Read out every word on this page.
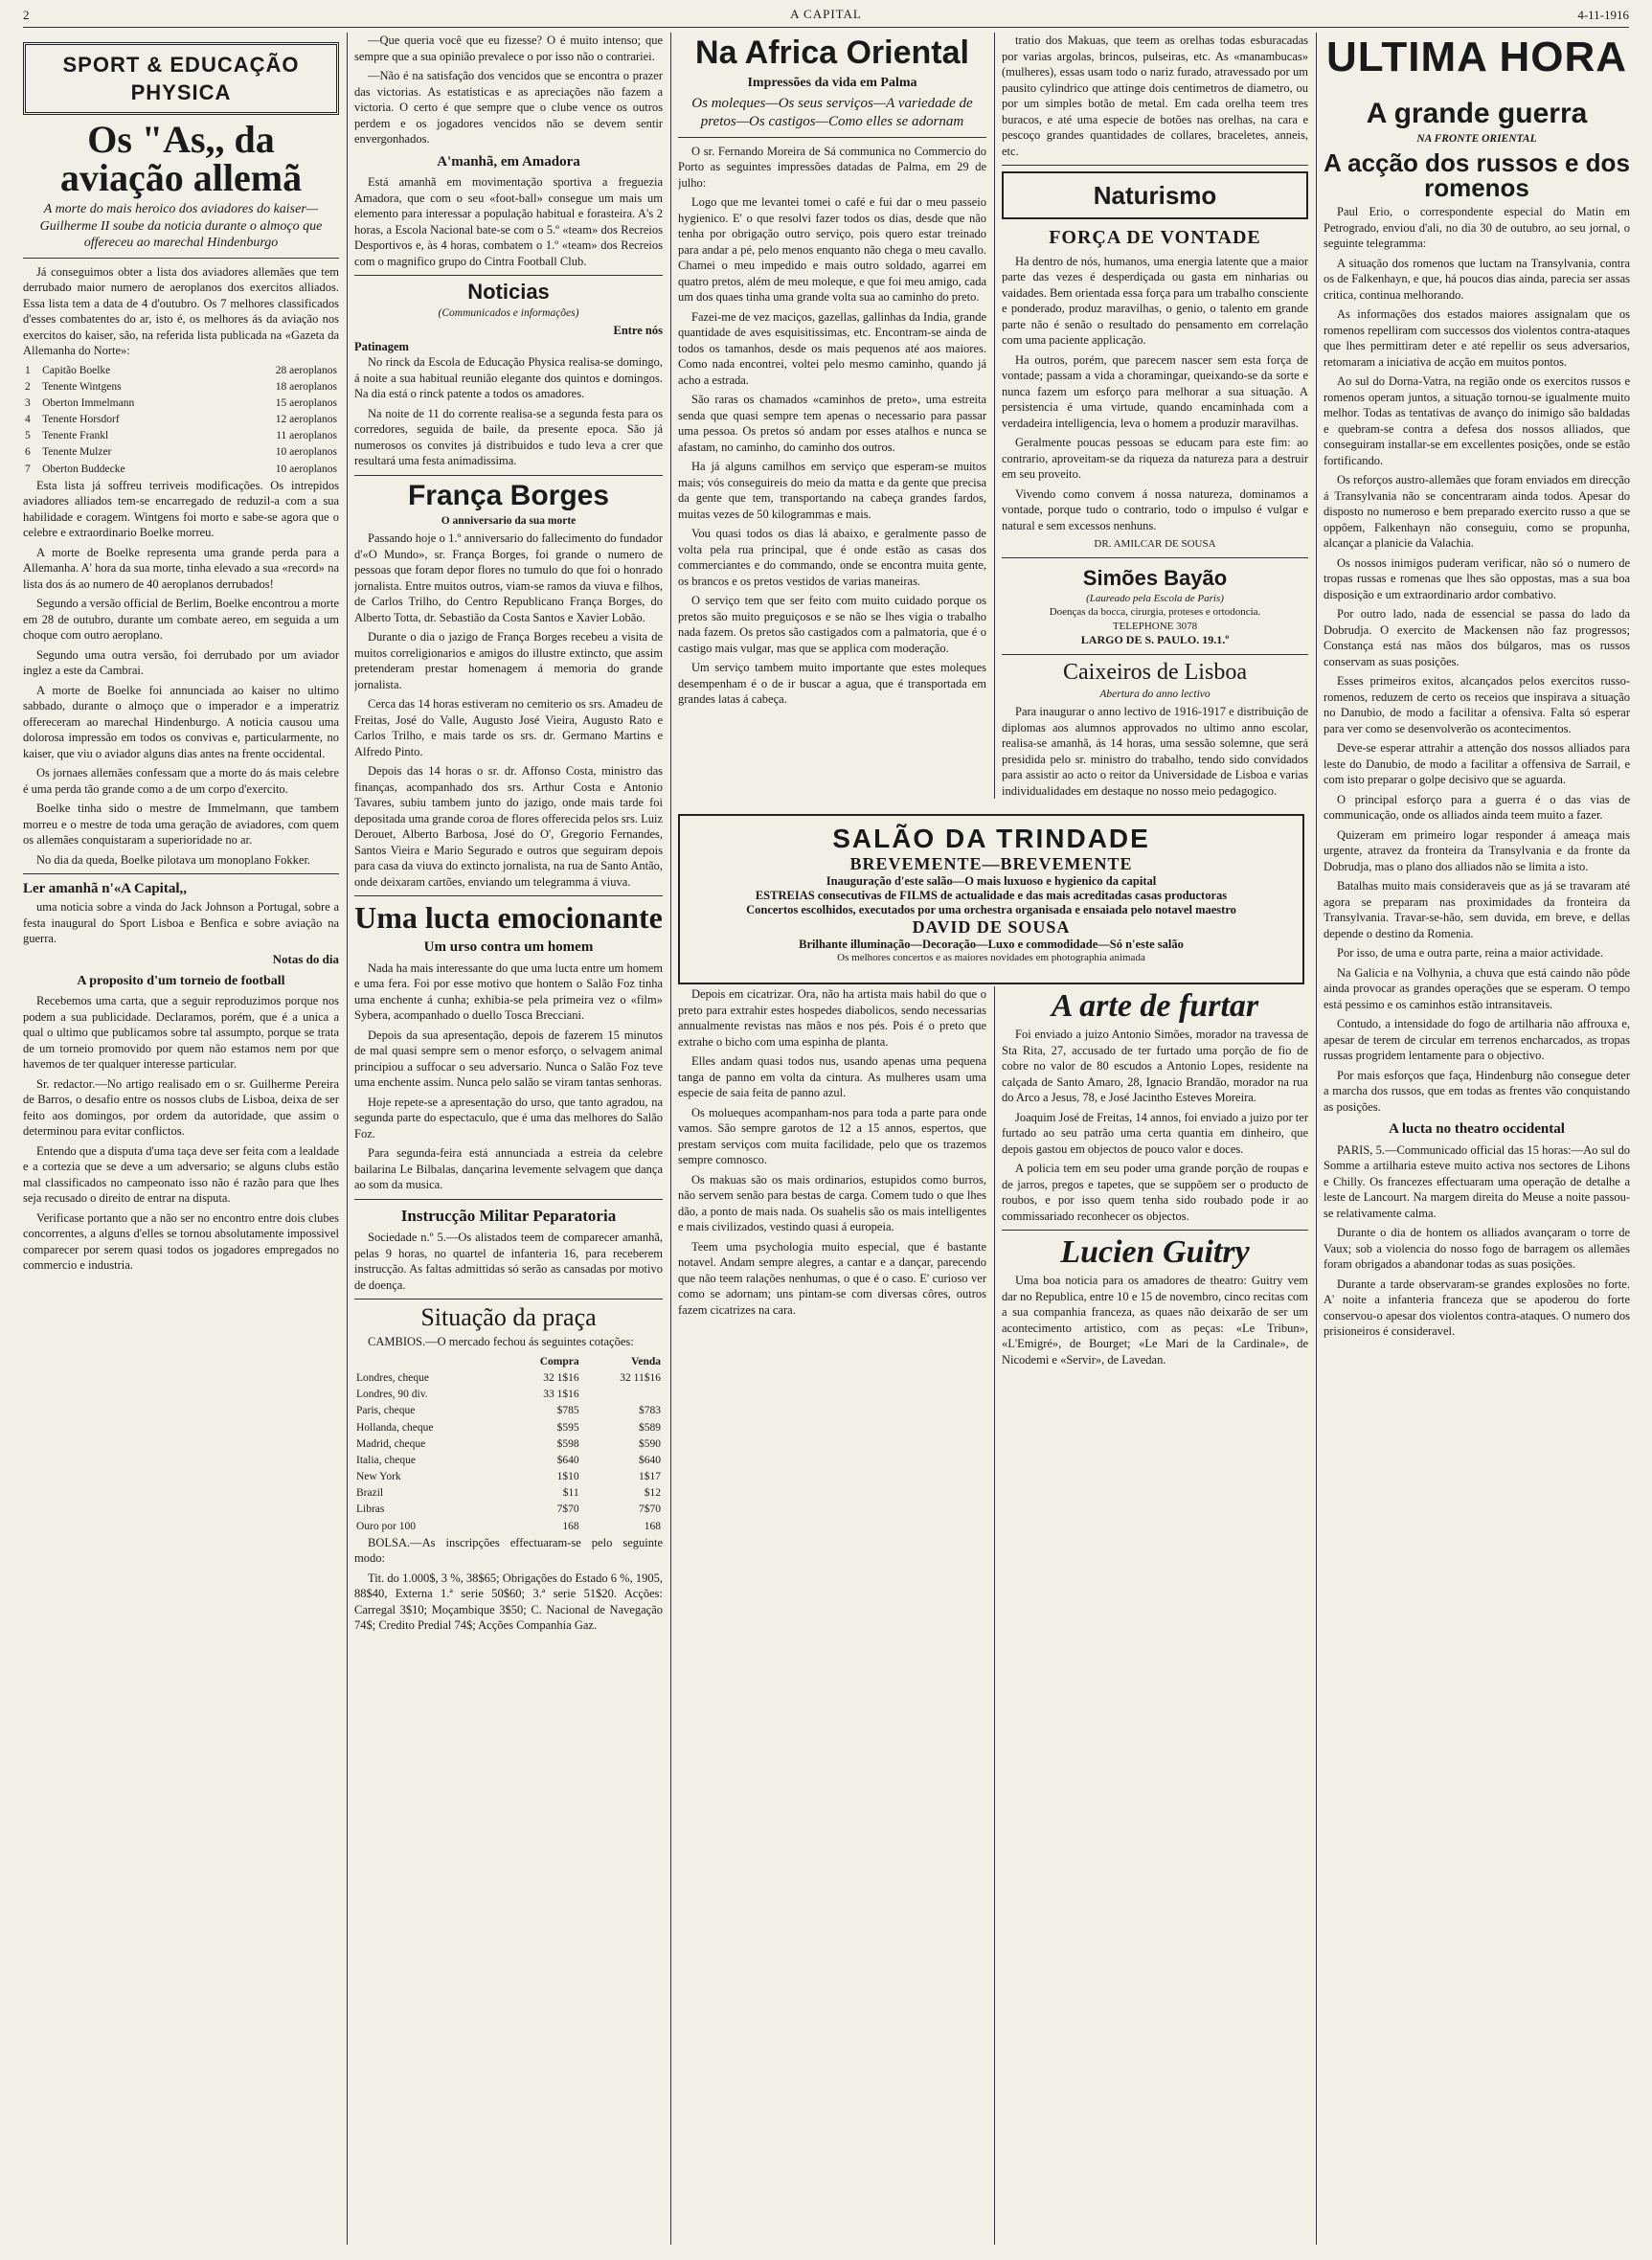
2	A CAPITAL	4-11-1916
SPORT & EDUCAÇÃO PHYSICA
Os "As,, da aviação allemã
A morte do mais heroico dos aviadores do kaiser— Guilherme II soube da noticia durante o almoço que offereceu ao marechal Hindenburgo

Já conseguimos obter a lista dos aviadores allemães que tem derrubado maior numero de aeroplanos dos exercitos alliados. Essa lista tem a data de 4 d'outubro. Os 7 melhores classificados d'esses combatentes do ar, isto é, os melhores ás da aviação nos exercitos do kaiser, são, na referida lista publicada na «Gazeta da Allemanha do Norte»:

1	Capitão Boelke	28 aeroplanos
2	Tenente Wintgens	18 aeroplanos
3	Oberton Immelmann	15 aeroplanos
4	Tenente Horsdorf	12 aeroplanos
5	Tenente Frankl	11 aeroplanos
6	Tenente Mulzer	10 aeroplanos
7	Oberton Buddecke	10 aeroplanos

Esta lista já soffreu terriveis modificações. Os intrepidos aviadores alliados tem-se encarregado de reduzil-a com a sua habilidade e coragem. Wintgens foi morto e sabe-se agora que o celebre e extraordinario Boelke morreu.

A morte de Boelke representa uma grande perda para a Allemanha. A' hora da sua morte, tinha elevado a sua «record» na lista dos ás ao numero de 40 aeroplanos derrubados!

Segundo a versão official de Berlim, Boelke encontrou a morte em 28 de outubro, durante um combate aereo, em seguida a um choque com outro aeroplano.

Segundo uma outra versão, foi derrubado por um aviador inglez a este da Cambrai.

A morte de Boelke foi annunciada ao kaiser no ultimo sabbado, durante o almoço que o imperador e a imperatriz offereceram ao marechal Hindenburgo. A noticia causou uma dolorosa impressão em todos os convivas e, particularmente, no kaiser, que viu o aviador alguns dias antes na frente occidental.

Os jornaes allemães confessam que a morte do ás mais celebre é uma perda tão grande como a de um corpo d'exercito.

Boelke tinha sido o mestre de Immelmann, que tambem morreu e o mestre de toda uma geração de aviadores, com quem os allemães conquistaram a superioridade no ar.

No dia da queda, Boelke pilotava um monoplano Fokker.

Ler amanhã n'«A Capital,,

uma noticia sobre a vinda do Jack Johnson a Portugal, sobre a festa inaugural do Sport Lisboa e Benfica e sobre aviação na guerra.

Notas do dia
A proposito d'um torneio de football

Recebemos uma carta, que a seguir reproduzimos porque nos podem a sua publicidade. Declaramos, porém, que é a unica a qual o ultimo que publicamos sobre tal assumpto, porque se trata de um torneio promovido por quem não estamos nem por que havemos de ter qualquer interesse particular.

Sr. redactor.—No artigo realisado em o sr. Guilherme Pereira de Barros, o desafio entre os nossos clubs de Lisboa, deixa de ser feito aos domingos, por ordem da autoridade, que assim o determinou para evitar conflictos.

Entendo que a disputa d'uma taça deve ser feita com a lealdade e a cortezia que se deve a um adversario; se alguns clubs estão mal classificados no campeonato isso não é razão para que lhes seja recusado o direito de entrar na disputa.

Verificase portanto que a não ser no encontro entre dois clubes concorrentes, a alguns d'elles se tornou absolutamente impossivel comparecer por serem quasi todos os jogadores empregados no commercio e industria.

—Que queria você que eu fizesse? O é muito intenso; que sempre que a sua opinião prevalece o por isso não o contrariei.

—Não é na satisfação dos vencidos que se encontra o prazer das victorias. As estatisticas e as apreciações não fazem a victoria. O certo é que sempre que o clube vence os outros perdem e os jogadores vencidos não se devem sentir envergonhados.

A'manhã, em Amadora

Está amanhã em movimentação sportiva a freguezia Amadora, que com o seu «foot-ball» consegue um mais um elemento para interessar a população habitual e forasteira. A's 2 horas, a Escola Nacional bate-se com o 5.º «team» dos Recreios Desportivos e, às 4 horas, combatem o 1.º «team» dos Recreios com o magnifico grupo do Cintra Football Club.

Noticias
(Communicados e informações)
Entre nós
Patinagem

No rinck da Escola de Educação Physica realisa-se domingo, á noite a sua habitual reunião elegante dos quintos e domingos. Na dia está o rinck patente a todos os amadores.

Na noite de 11 do corrente realisa-se a segunda festa para os corredores, seguida de baile, da presente epoca. São já numerosos os convites já distribuidos e tudo leva a crer que resultará uma festa animadissima.

França Borges
O anniversario da sua morte

Passando hoje o 1.º anniversario do fallecimento do fundador d'«O Mundo», sr. França Borges, foi grande o numero de pessoas que foram depor flores no tumulo do que foi o honrado jornalista. Entre muitos outros, viam-se ramos da viuva e filhos, de Carlos Trilho, do Centro Republicano França Borges, do Alberto Totta, dr. Sebastião da Costa Santos e Xavier Lobão.

Durante o dia o jazigo de França Borges recebeu a visita de muitos correligionarios e amigos do illustre extincto, que assim pretenderam prestar homenagem á memoria do grande jornalista.

Cerca das 14 horas estiveram no cemiterio os srs. Amadeu de Freitas, José do Valle, Augusto José Vieira, Augusto Rato e Carlos Trilho, e mais tarde os srs. dr. Germano Martins e Alfredo Pinto.

Depois das 14 horas o sr. dr. Affonso Costa, ministro das finanças, acompanhado dos srs. Arthur Costa e Antonio Tavares, subiu tambem junto do jazigo, onde mais tarde foi depositada uma grande coroa de flores offerecida pelos srs. Luiz Derouet, Alberto Barbosa, José do O', Gregorio Fernandes, Santos Vieira e Mario Segurado e outros que seguiram depois para casa da viuva do extincto jornalista, na rua de Santo Antão, onde deixaram cartões, enviando um telegramma á viuva.

Uma lucta emocionante
Um urso contra um homem

Nada ha mais interessante do que uma lucta entre um homem e uma fera. Foi por esse motivo que hontem o Salão Foz tinha uma enchente á cunha; exhibia-se pela primeira vez o «film» Sybera, acompanhado o duello Tosca Brecciani.

Depois da sua apresentação, depois de fazerem 15 minutos de mal quasi sempre sem o menor esforço, o selvagem animal principiou a suffocar o seu adversario. Nunca o Salão Foz teve uma enchente assim. Nunca pelo salão se viram tantas senhoras.

Hoje repete-se a apresentação do urso, que tanto agradou, na segunda parte do espectaculo, que é uma das melhores do Salão Foz.

Para segunda-feira está annunciada a estreia da celebre bailarina Le Bilbalas, dançarina levemente selvagem que dança ao som da musica.

Instrucção Militar Peparatoria

Sociedade n.º 5.—Os alistados teem de comparecer amanhã, pelas 9 horas, no quartel de infanteria 16, para receberem instrucção. As faltas admittidas só serão as cansadas por motivo de doença.

Situação da praça

CAMBIOS.—O mercado fechou ás seguintes cotações:

	Compra	Venda
Londres, cheque	32 1$16	32 11$16
Londres, 90 div.	33 1$16	
Paris, cheque	$785	$783
Hollanda, cheque	$595	$589
Madrid, cheque	$598	$590
Italia, cheque	$640	$640
New York	1$10	1$17
Brazil	$11	$12
Libras	7$70	7$70
Ouro por 100	168	168

BOLSA.—As inscripções effectuaram-se pelo seguinte modo:

Tit. do 1.000$, 3 %, 38$65; Obrigações do Estado 6 %, 1905, 88$40, Externa 1.ª serie 50$60; 3.ª serie 51$20. Acções: Carregal 3$10; Moçambique 3$50; C. Nacional de Navegação 74$; Credito Predial 74$; Acções Companhia Gaz.

Na Africa Oriental
Impressões da vida em Palma
Os moleques—Os seus serviços—A variedade de pretos—Os castigos—Como elles se adornam

O sr. Fernando Moreira de Sá communica no Commercio do Porto as seguintes impressões datadas de Palma, em 29 de julho:

Logo que me levantei tomei o café e fui dar o meu passeio hygienico. E' o que resolvi fazer todos os dias, desde que não tenha por obrigação outro serviço, pois quero estar treinado para andar a pé, pelo menos enquanto não chega o meu cavallo. Chamei o meu impedido e mais outro soldado, agarrei em quatro pretos, além de meu moleque, e que foi meu amigo, cada um dos quaes tinha uma grande volta sua ao caminho do preto.

Fazei-me de vez maciços, gazellas, gallinhas da India, grande quantidade de aves esquisitissimas, etc. Encontram-se ainda de todos os tamanhos, desde os mais pequenos até aos maiores. Como nada encontrei, voltei pelo mesmo caminho, quando já acho a estrada.

São raras os chamados «caminhos de preto», uma estreita senda que quasi sempre tem apenas o necessario para passar uma pessoa. Os pretos só andam por esses atalhos e nunca se afastam, no caminho, do caminho dos outros.

Ha já alguns camilhos em serviço que esperam-se muitos mais; vós conseguireis do meio da matta e da gente que precisa da gente que tem, transportando na cabeça grandes fardos, muitas vezes de 50 kilogrammas e mais.

Vou quasi todos os dias lá abaixo, e geralmente passo de volta pela rua principal, que é onde estão as casas dos commerciantes e do commando, onde se encontra muita gente, os brancos e os pretos vestidos de varias maneiras.

O serviço tem que ser feito com muito cuidado porque os pretos são muito preguiçosos e se não se lhes vigia o trabalho nada fazem. Os pretos são castigados com a palmatoria, que é o castigo mais vulgar, mas que se applica com moderação.

Um serviço tambem muito importante que estes moleques desempenham é o de ir buscar a agua, que é transportada em grandes latas á cabeça.

tratio dos Makuas, que teem as orelhas todas esburacadas por varias argolas, brincos, pulseiras, etc. As «manambucas» (mulheres), essas usam todo o nariz furado, atravessado por um pausito cylindrico que attinge dois centimetros de diametro, ou por um simples botão de metal. Em cada orelha teem tres buracos, e até uma especie de botões nas orelhas, na cara e pescoço grandes quantidades de collares, braceletes, anneis, etc.

Naturismo
FORÇA DE VONTADE

Ha dentro de nós, humanos, uma energia latente que a maior parte das vezes é desperdiçada ou gasta em ninharias ou vaidades. Bem orientada essa força para um trabalho consciente e ponderado, produz maravilhas, o genio, o talento em grande parte não é senão o resultado do pensamento em correlação com uma paciente applicação.

Ha outros, porém, que parecem nascer sem esta força de vontade; passam a vida a choramingar, queixando-se da sorte e nunca fazem um esforço para melhorar a sua situação. A persistencia é uma virtude, quando encaminhada com a verdadeira intelligencia, leva o homem a produzir maravilhas.

Geralmente poucas pessoas se educam para este fim: ao contrario, aproveitam-se da riqueza da natureza para a destruir em seu proveito.

Vivendo como convem á nossa natureza, dominamos a vontade, porque tudo o contrario, todo o impulso é vulgar e natural e sem excessos nenhuns.

DR. AMILCAR DE SOUSA
Simões Bayão
(Laureado pela Escola de Paris)
Doenças da bocca, cirurgia, proteses e ortodoncia.
TELEPHONE 3078
LARGO DE S. PAULO. 19.1.º
Caixeiros de Lisboa
Abertura do anno lectivo

Para inaugurar o anno lectivo de 1916-1917 e distribuição de diplomas aos alumnos approvados no ultimo anno escolar, realisa-se amanhã, ás 14 horas, uma sessão solemne, que será presidida pelo sr. ministro do trabalho, tendo sido convidados para assistir ao acto o reitor da Universidade de Lisboa e varias individualidades em destaque no nosso meio pedagogico.

SALÃO DA TRINDADE
BREVEMENTE—BREVEMENTE
Inauguração d'este salão—O mais luxuoso e hygienico da capital
ESTREIAS consecutivas de FILMS de actualidade e das mais acreditadas casas productoras
Concertos escolhidos, executados por uma orchestra organisada e ensaiada pelo notavel maestro
DAVID DE SOUSA
Brilhante illuminação—Decoração—Luxo e commodidade—Só n'este salão
Os melhores concertos e as maiores novidades em photographia animada

Depois em cicatrizar. Ora, não ha artista mais habil do que o preto para extrahir estes hospedes diabolicos, sendo necessarias annualmente revistas nas mãos e nos pés. Pois é o preto que extrahe o bicho com uma espinha de planta.

Elles andam quasi todos nus, usando apenas uma pequena tanga de panno em volta da cintura. As mulheres usam uma especie de saia feita de panno azul.

Os molueques acompanham-nos para toda a parte para onde vamos. São sempre garotos de 12 a 15 annos, espertos, que prestam serviços com muita facilidade, pelo que os trazemos sempre comnosco.

Os makuas são os mais ordinarios, estupidos como burros, não servem senão para bestas de carga. Comem tudo o que lhes dão, a ponto de mais nada. Os suahelis são os mais intelligentes e mais civilizados, vestindo quasi á europeia.

Teem uma psychologia muito especial, que é bastante notavel. Andam sempre alegres, a cantar e a dançar, parecendo que não teem ralações nenhumas, o que é o caso. E' curioso ver como se adornam; uns pintam-se com diversas côres, outros fazem cicatrizes na cara.

A arte de furtar

Foi enviado a juizo Antonio Simões, morador na travessa de Sta Rita, 27, accusado de ter furtado uma porção de fio de cobre no valor de 80 escudos a Antonio Lopes, residente na calçada de Santo Amaro, 28, Ignacio Brandão, morador na rua do Arco a Jesus, 78, e José Jacintho Esteves Moreira.

Joaquim José de Freitas, 14 annos, foi enviado a juizo por ter furtado ao seu patrão uma certa quantia em dinheiro, que depois gastou em objectos de pouco valor e doces.

A policia tem em seu poder uma grande porção de roupas e de jarros, pregos e tapetes, que se suppõem ser o producto de roubos, e por isso quem tenha sido roubado pode ir ao commissariado reconhecer os objectos.

Lucien Guitry

Uma boa noticia para os amadores de theatro: Guitry vem dar no Republica, entre 10 e 15 de novembro, cinco recitas com a sua companhia franceza, as quaes não deixarão de ser um acontecimento artistico, com as peças: «Le Tribun», «L'Emigré», de Bourget; «Le Mari de la Cardinale», de Nicodemi e «Servir», de Lavedan.

ULTIMA HORA
A grande guerra
NA FRONTE ORIENTAL
A acção dos russos e dos romenos

Paul Erio, o correspondente especial do Matin em Petrogrado, enviou d'ali, no dia 30 de outubro, ao seu jornal, o seguinte telegramma:

A situação dos romenos que luctam na Transylvania, contra os de Falkenhayn, e que, há poucos dias ainda, parecia ser assas critica, continua melhorando.

As informações dos estados maiores assignalam que os romenos repelliram com successos dos violentos contra-ataques que lhes permittiram deter e até repellir os seus adversarios, retomaram a iniciativa de acção em muitos pontos.

Ao sul do Dorna-Vatra, na região onde os exercitos russos e romenos operam juntos, a situação tornou-se igualmente muito melhor. Todas as tentativas de avanço do inimigo são baldadas e quebram-se contra a defesa dos nossos alliados, que conseguiram installar-se em excellentes posições, onde se estão fortificando.

Os reforços austro-allemães que foram enviados em direcção á Transylvania não se concentraram ainda todos. Apesar do disposto no numeroso e bem preparado exercito russo a que se oppõem, Falkenhayn não conseguiu, como se propunha, alcançar a planicie da Valachia.

Os nossos inimigos puderam verificar, não só o numero de tropas russas e romenas que lhes são oppostas, mas a sua boa disposição e um extraordinario ardor combativo.

Por outro lado, nada de essencial se passa do lado da Dobrudja. O exercito de Mackensen não faz progressos; Constança está nas mãos dos búlgaros, mas os russos conservam as suas posições.

Esses primeiros exitos, alcançados pelos exercitos russo-romenos, reduzem de certo os receios que inspirava a situação no Danubio, de modo a facilitar a ofensiva. Falta só esperar para ver como se desenvolverão os acontecimentos.

Deve-se esperar attrahir a attenção dos nossos alliados para leste do Danubio, de modo a facilitar a offensiva de Sarrail, e com isto preparar o golpe decisivo que se aguarda.

O principal esforço para a guerra é o das vias de communicação, onde os alliados ainda teem muito a fazer.

Quizeram em primeiro logar responder á ameaça mais urgente, atravez da fronteira da Transylvania e da fronte da Dobrudja, mas o plano dos alliados não se limita a isto.

Batalhas muito mais consideraveis que as já se travaram até agora se preparam nas proximidades da fronteira da Transylvania. Travar-se-hão, sem duvida, em breve, e dellas depende o destino da Romenia.

Por isso, de uma e outra parte, reina a maior actividade.

Na Galicia e na Volhynia, a chuva que está caindo não pôde ainda provocar as grandes operações que se esperam. O tempo está pessimo e os caminhos estão intransitaveis.

Contudo, a intensidade do fogo de artilharia não affrouxa e, apesar de terem de circular em terrenos encharcados, as tropas russas progridem lentamente para o objectivo.

Por mais esforços que faça, Hindenburg não consegue deter a marcha dos russos, que em todas as frentes vão conquistando as posições.

A lucta no theatro occidental

PARIS, 5.—Communicado official das 15 horas:—Ao sul do Somme a artilharia esteve muito activa nos sectores de Lihons e Chilly. Os francezes effectuaram uma operação de detalhe a leste de Lancourt. Na margem direita do Meuse a noite passou-se relativamente calma.

Durante o dia de hontem os alliados avançaram o torre de Vaux; sob a violencia do nosso fogo de barragem os allemães foram obrigados a abandonar todas as suas posições.

Durante a tarde observaram-se grandes explosões no forte. A' noite a infanteria franceza que se apoderou do forte conservou-o apesar dos violentos contra-ataques. O numero dos prisioneiros é consideravel.
